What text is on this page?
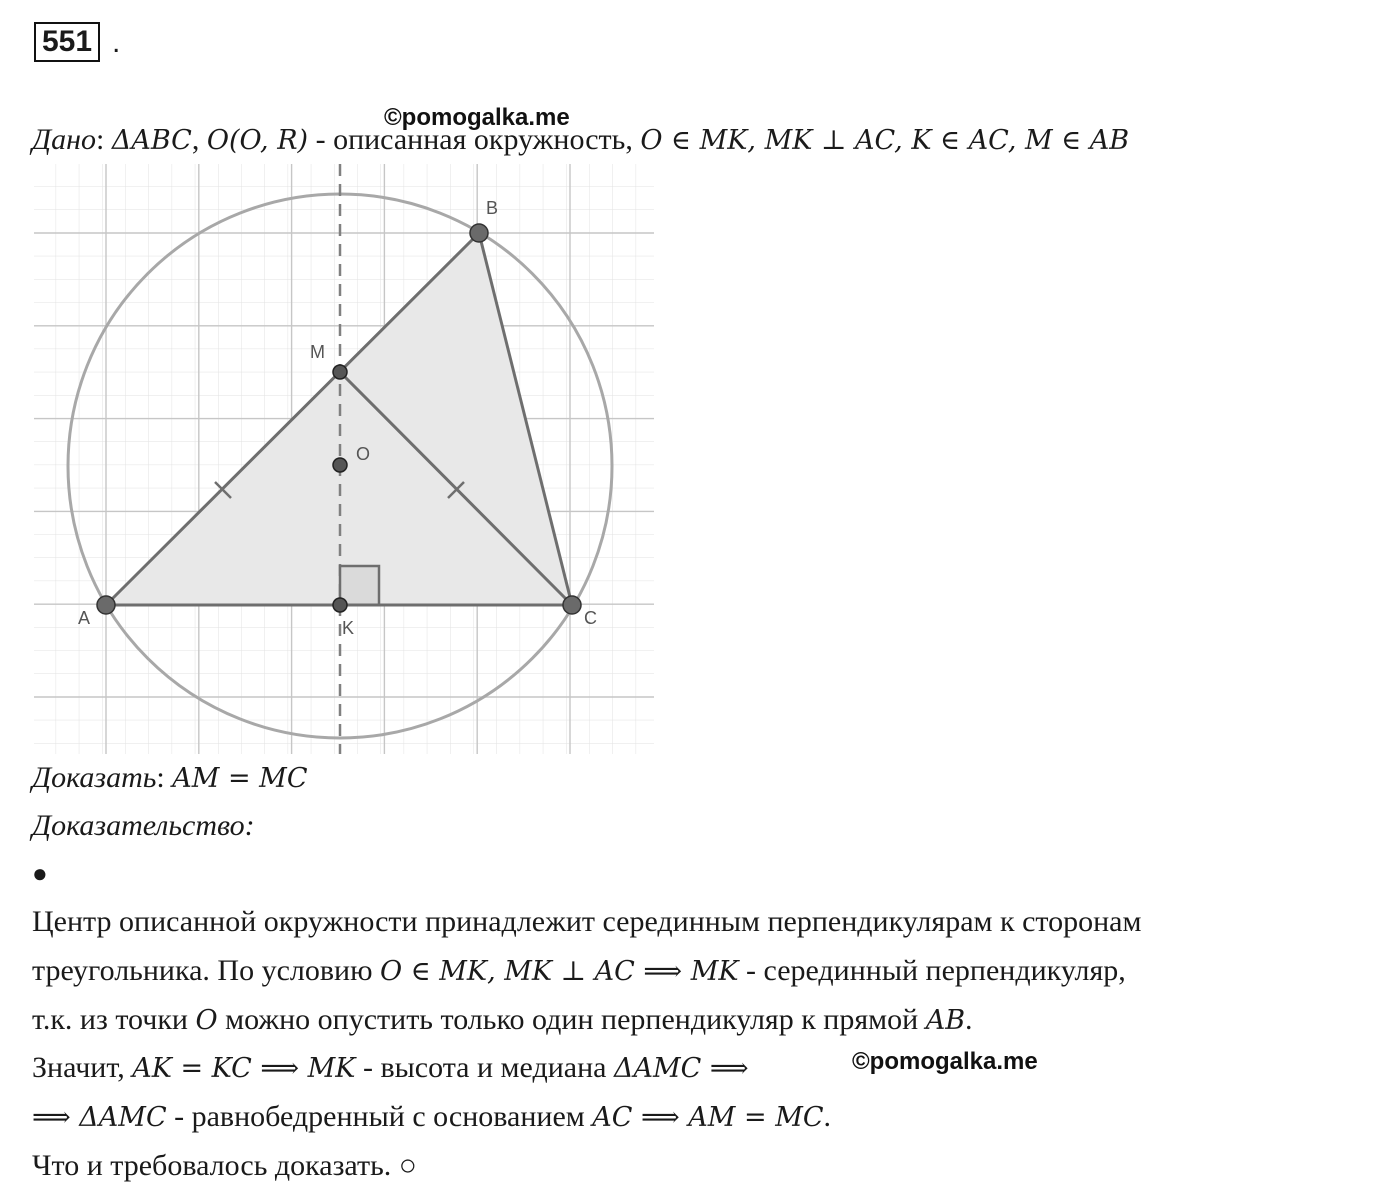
551 .
©pomogalka.me
Дано: ΔABC, O(O, R) - описанная окружность, O ∈ MK, MK ⊥ AC, K ∈ AC, M ∈ AB
A
B
C
M
O
K
Доказать: AM = MC
Доказательство:
●
Центр описанной окружности принадлежит серединным перпендикулярам к сторонам
треугольника. По условию O ∈ MK, MK ⊥ AC ⟹ MK - серединный перпендикуляр,
т.к. из точки O можно опустить только один перпендикуляр к прямой AB.
Значит, AK = KC ⟹ MK - высота и медиана ΔAMC ⟹	©pomogalka.me
⟹ ΔAMC - равнобедренный с основанием AC ⟹ AM = MC.
Что и требовалось доказать. ○
